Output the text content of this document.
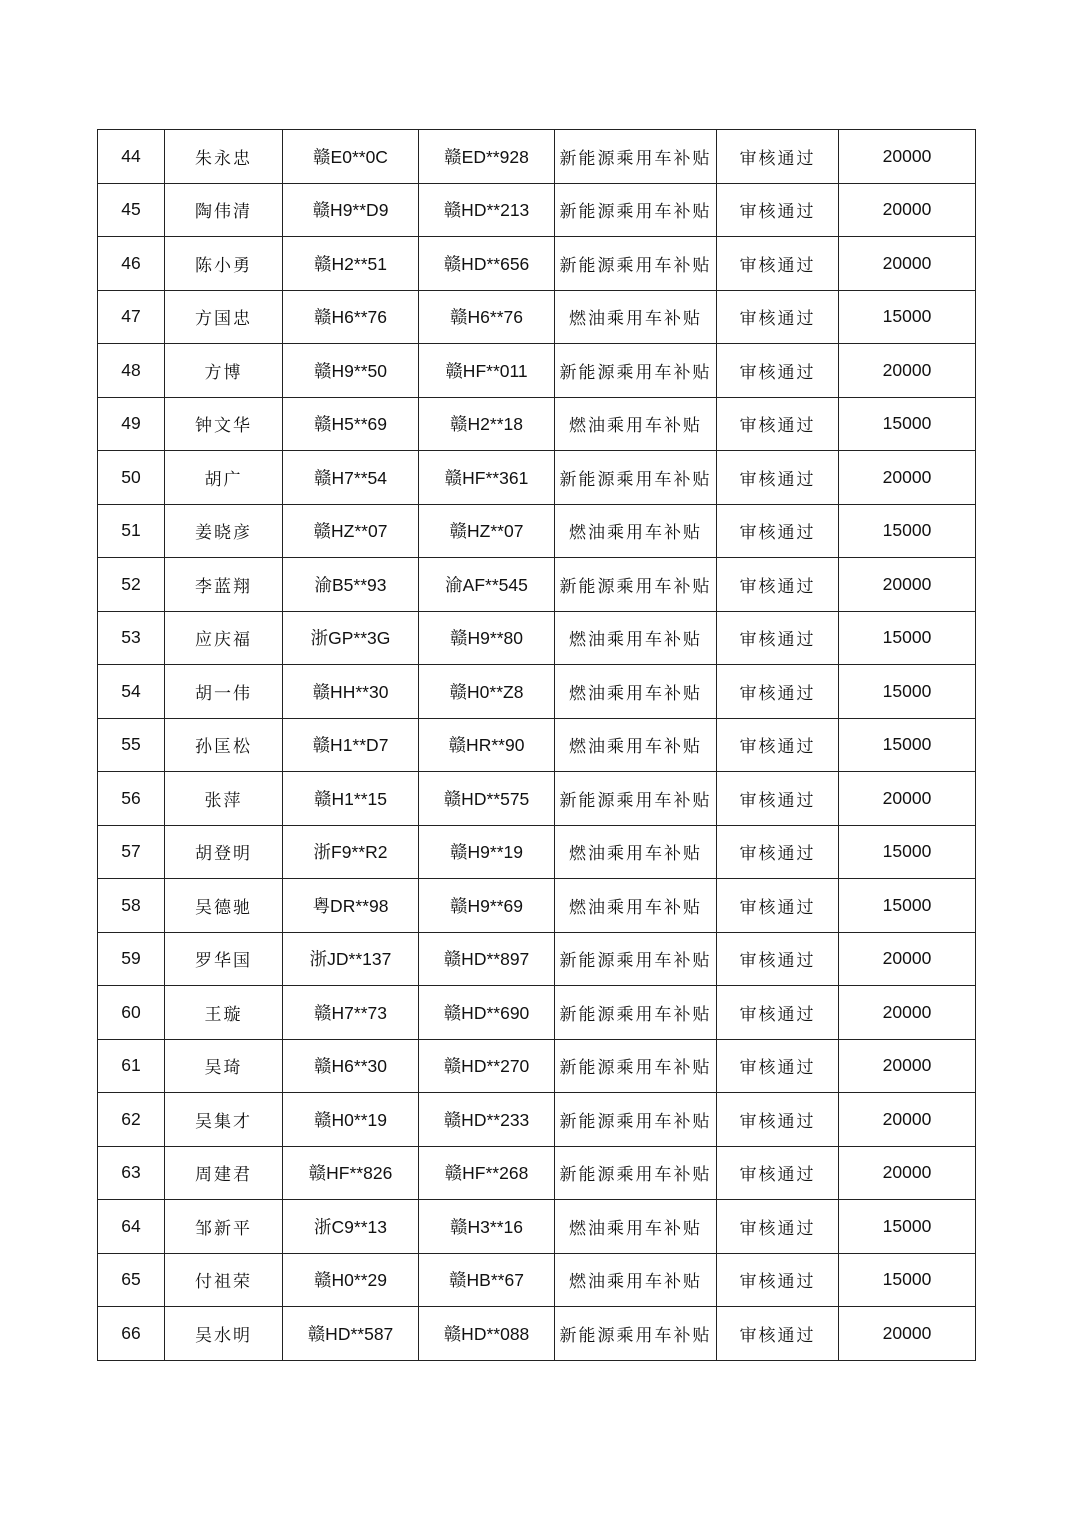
44	朱永忠	赣E0**0C	赣ED**928	新能源乘用车补贴	审核通过	20000
45	陶伟清	赣H9**D9	赣HD**213	新能源乘用车补贴	审核通过	20000
46	陈小勇	赣H2**51	赣HD**656	新能源乘用车补贴	审核通过	20000
47	方国忠	赣H6**76	赣H6**76	燃油乘用车补贴	审核通过	15000
48	方博	赣H9**50	赣HF**011	新能源乘用车补贴	审核通过	20000
49	钟文华	赣H5**69	赣H2**18	燃油乘用车补贴	审核通过	15000
50	胡广	赣H7**54	赣HF**361	新能源乘用车补贴	审核通过	20000
51	姜晓彦	赣HZ**07	赣HZ**07	燃油乘用车补贴	审核通过	15000
52	李蓝翔	渝B5**93	渝AF**545	新能源乘用车补贴	审核通过	20000
53	应庆福	浙GP**3G	赣H9**80	燃油乘用车补贴	审核通过	15000
54	胡一伟	赣HH**30	赣H0**Z8	燃油乘用车补贴	审核通过	15000
55	孙匡松	赣H1**D7	赣HR**90	燃油乘用车补贴	审核通过	15000
56	张萍	赣H1**15	赣HD**575	新能源乘用车补贴	审核通过	20000
57	胡登明	浙F9**R2	赣H9**19	燃油乘用车补贴	审核通过	15000
58	吴德驰	粤DR**98	赣H9**69	燃油乘用车补贴	审核通过	15000
59	罗华国	浙JD**137	赣HD**897	新能源乘用车补贴	审核通过	20000
60	王璇	赣H7**73	赣HD**690	新能源乘用车补贴	审核通过	20000
61	吴琦	赣H6**30	赣HD**270	新能源乘用车补贴	审核通过	20000
62	吴集才	赣H0**19	赣HD**233	新能源乘用车补贴	审核通过	20000
63	周建君	赣HF**826	赣HF**268	新能源乘用车补贴	审核通过	20000
64	邹新平	浙C9**13	赣H3**16	燃油乘用车补贴	审核通过	15000
65	付祖荣	赣H0**29	赣HB**67	燃油乘用车补贴	审核通过	15000
66	吴水明	赣HD**587	赣HD**088	新能源乘用车补贴	审核通过	20000
